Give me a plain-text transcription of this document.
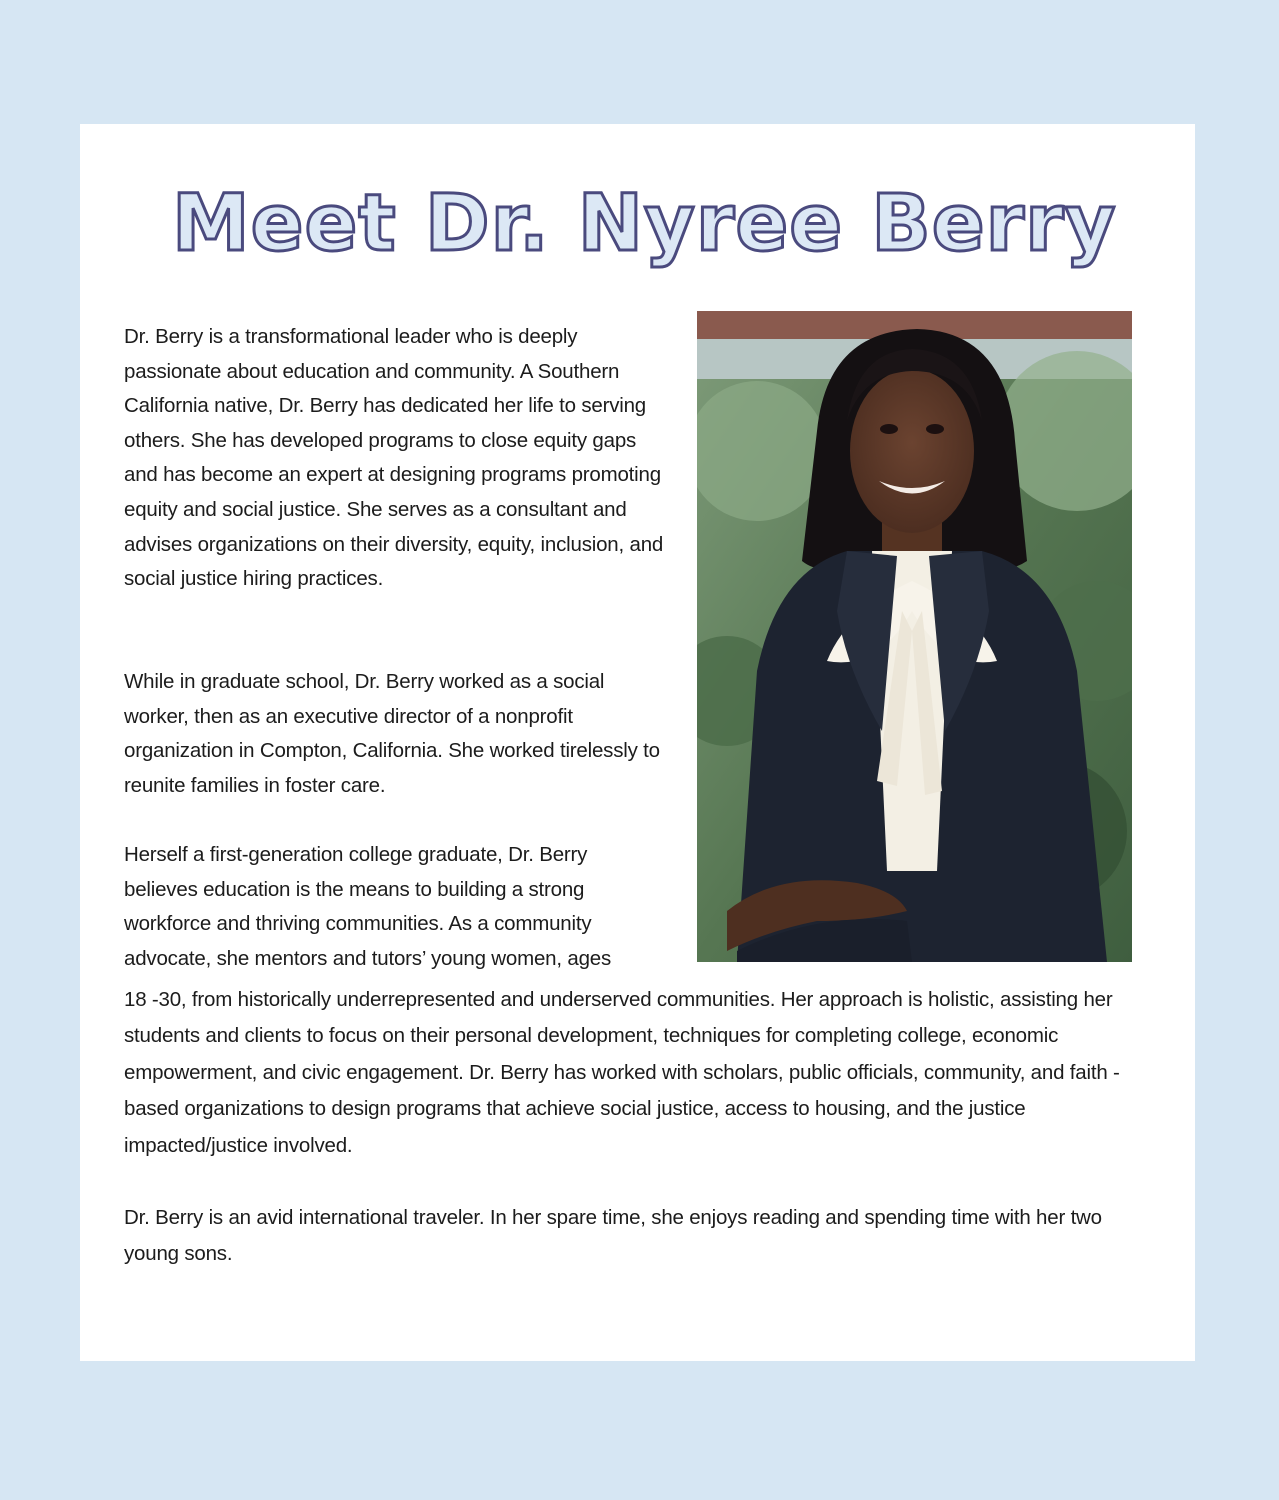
Meet Dr. Nyree Berry

Dr. Berry is a transformational leader who is deeply passionate about education and community. A Southern California native, Dr. Berry has dedicated her life to serving others. She has developed programs to close equity gaps and has become an expert at designing programs promoting equity and social justice. She serves as a consultant and advises organizations on their diversity, equity, inclusion, and social justice hiring practices.

While in graduate school, Dr. Berry worked as a social worker, then as an executive director of a nonprofit organization in Compton, California. She worked tirelessly to reunite families in foster care.

Herself a first-generation college graduate, Dr. Berry believes education is the means to building a strong workforce and thriving communities. As a community advocate, she mentors and tutors’ young women, ages

18 -30, from historically underrepresented and underserved communities. Her approach is holistic, assisting her students and clients to focus on their personal development, techniques for completing college, economic empowerment, and civic engagement. Dr. Berry has worked with scholars, public officials, community, and faith - based organizations to design programs that achieve social justice, access to housing, and the justice impacted/justice involved.

Dr. Berry is an avid international traveler. In her spare time, she enjoys reading and spending time with her two young sons.
